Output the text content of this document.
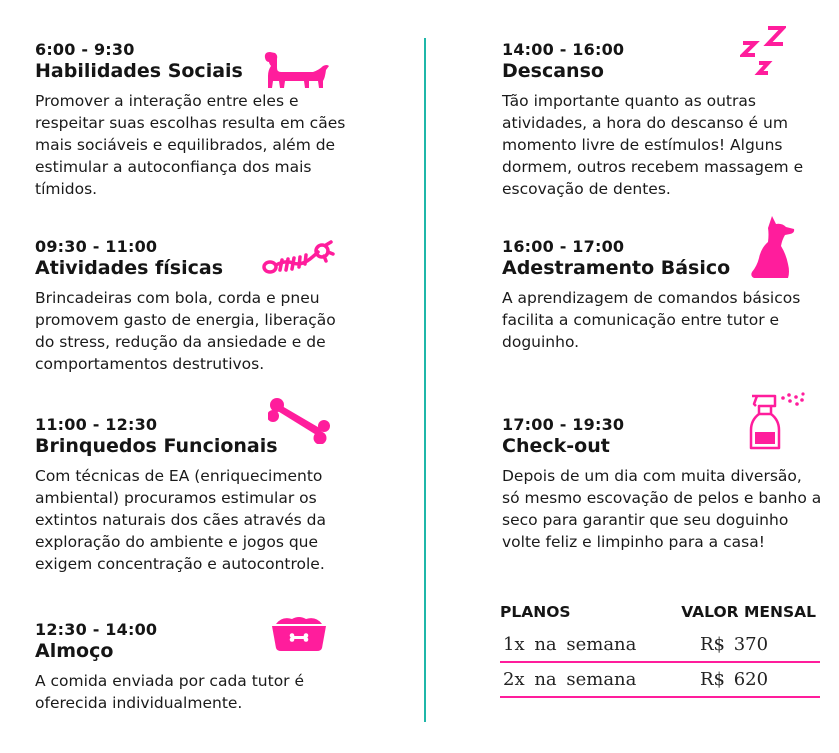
6:00 - 9:30
Habilidades Sociais
Promover a interação entre eles e respeitar suas escolhas resulta em cães mais sociáveis e equilibrados, além de estimular a autoconfiança dos mais tímidos.
09:30 - 11:00
Atividades físicas
Brincadeiras com bola, corda e pneu promovem gasto de energia, liberação do stress, redução da ansiedade e de comportamentos destrutivos.
11:00 - 12:30
Brinquedos Funcionais
Com técnicas de EA (enriquecimento ambiental) procuramos estimular os extintos naturais dos cães através da exploração do ambiente e jogos que exigem concentração e autocontrole.
12:30 - 14:00
Almoço
A comida enviada por cada tutor é oferecida individualmente.
14:00 - 16:00
Descanso
Tão importante quanto as outras atividades, a hora do descanso é um momento livre de estímulos! Alguns dormem, outros recebem massagem e escovação de dentes.
16:00 - 17:00
Adestramento Básico
A aprendizagem de comandos básicos facilita a comunicação entre tutor e doguinho.
17:00 - 19:30
Check-out
Depois de um dia com muita diversão, só mesmo escovação de pelos e banho a seco para garantir que seu doguinho volte feliz e limpinho para a casa!
PLANOS	VALOR MENSAL
1x na semana	R$ 370
2x na semana	R$ 620
